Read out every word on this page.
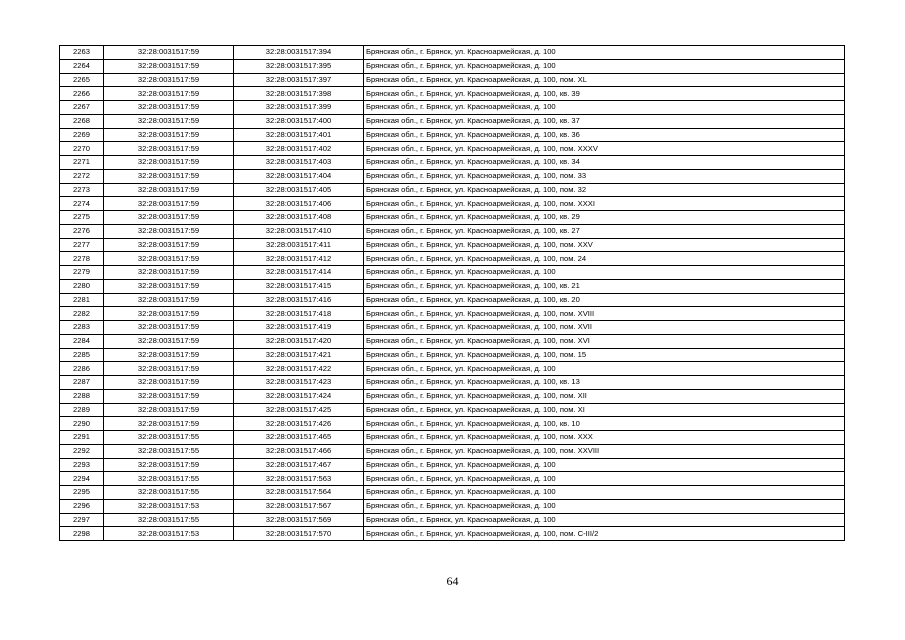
2263	32:28:0031517:59	32:28:0031517:394	Брянская обл., г. Брянск, ул. Красноармейская, д. 100
2264	32:28:0031517:59	32:28:0031517:395	Брянская обл., г. Брянск, ул. Красноармейская, д. 100
2265	32:28:0031517:59	32:28:0031517:397	Брянская обл., г. Брянск, ул. Красноармейская, д. 100, пом. XL
2266	32:28:0031517:59	32:28:0031517:398	Брянская обл., г. Брянск, ул. Красноармейская, д. 100, кв. 39
2267	32:28:0031517:59	32:28:0031517:399	Брянская обл., г. Брянск, ул. Красноармейская, д. 100
2268	32:28:0031517:59	32:28:0031517:400	Брянская обл., г. Брянск, ул. Красноармейская, д. 100, кв. 37
2269	32:28:0031517:59	32:28:0031517:401	Брянская обл., г. Брянск, ул. Красноармейская, д. 100, кв. 36
2270	32:28:0031517:59	32:28:0031517:402	Брянская обл., г. Брянск, ул. Красноармейская, д. 100, пом. XXXV
2271	32:28:0031517:59	32:28:0031517:403	Брянская обл., г. Брянск, ул. Красноармейская, д. 100, кв. 34
2272	32:28:0031517:59	32:28:0031517:404	Брянская обл., г. Брянск, ул. Красноармейская, д. 100, пом. 33
2273	32:28:0031517:59	32:28:0031517:405	Брянская обл., г. Брянск, ул. Красноармейская, д. 100, пом. 32
2274	32:28:0031517:59	32:28:0031517:406	Брянская обл., г. Брянск, ул. Красноармейская, д. 100, пом. XXXI
2275	32:28:0031517:59	32:28:0031517:408	Брянская обл., г. Брянск, ул. Красноармейская, д. 100, кв. 29
2276	32:28:0031517:59	32:28:0031517:410	Брянская обл., г. Брянск, ул. Красноармейская, д. 100, кв. 27
2277	32:28:0031517:59	32:28:0031517:411	Брянская обл., г. Брянск, ул. Красноармейская, д. 100, пом. XXV
2278	32:28:0031517:59	32:28:0031517:412	Брянская обл., г. Брянск, ул. Красноармейская, д. 100, пом. 24
2279	32:28:0031517:59	32:28:0031517:414	Брянская обл., г. Брянск, ул. Красноармейская, д. 100
2280	32:28:0031517:59	32:28:0031517:415	Брянская обл., г. Брянск, ул. Красноармейская, д. 100, кв. 21
2281	32:28:0031517:59	32:28:0031517:416	Брянская обл., г. Брянск, ул. Красноармейская, д. 100, кв. 20
2282	32:28:0031517:59	32:28:0031517:418	Брянская обл., г. Брянск, ул. Красноармейская, д. 100, пом. XVIII
2283	32:28:0031517:59	32:28:0031517:419	Брянская обл., г. Брянск, ул. Красноармейская, д. 100, пом. XVII
2284	32:28:0031517:59	32:28:0031517:420	Брянская обл., г. Брянск, ул. Красноармейская, д. 100, пом. XVI
2285	32:28:0031517:59	32:28:0031517:421	Брянская обл., г. Брянск, ул. Красноармейская, д. 100, пом. 15
2286	32:28:0031517:59	32:28:0031517:422	Брянская обл., г. Брянск, ул. Красноармейская, д. 100
2287	32:28:0031517:59	32:28:0031517:423	Брянская обл., г. Брянск, ул. Красноармейская, д. 100, кв. 13
2288	32:28:0031517:59	32:28:0031517:424	Брянская обл., г. Брянск, ул. Красноармейская, д. 100, пом. XII
2289	32:28:0031517:59	32:28:0031517:425	Брянская обл., г. Брянск, ул. Красноармейская, д. 100, пом. XI
2290	32:28:0031517:59	32:28:0031517:426	Брянская обл., г. Брянск, ул. Красноармейская, д. 100, кв. 10
2291	32:28:0031517:55	32:28:0031517:465	Брянская обл., г. Брянск, ул. Красноармейская, д. 100, пом. XXX
2292	32:28:0031517:55	32:28:0031517:466	Брянская обл., г. Брянск, ул. Красноармейская, д. 100, пом. XXVIII
2293	32:28:0031517:59	32:28:0031517:467	Брянская обл., г. Брянск, ул. Красноармейская, д. 100
2294	32:28:0031517:55	32:28:0031517:563	Брянская обл., г. Брянск, ул. Красноармейская, д. 100
2295	32:28:0031517:55	32:28:0031517:564	Брянская обл., г. Брянск, ул. Красноармейская, д. 100
2296	32:28:0031517:53	32:28:0031517:567	Брянская обл., г. Брянск, ул. Красноармейская, д. 100
2297	32:28:0031517:55	32:28:0031517:569	Брянская обл., г. Брянск, ул. Красноармейская, д. 100
2298	32:28:0031517:53	32:28:0031517:570	Брянская обл., г. Брянск, ул. Красноармейская, д. 100, пом. С-III/2
64
